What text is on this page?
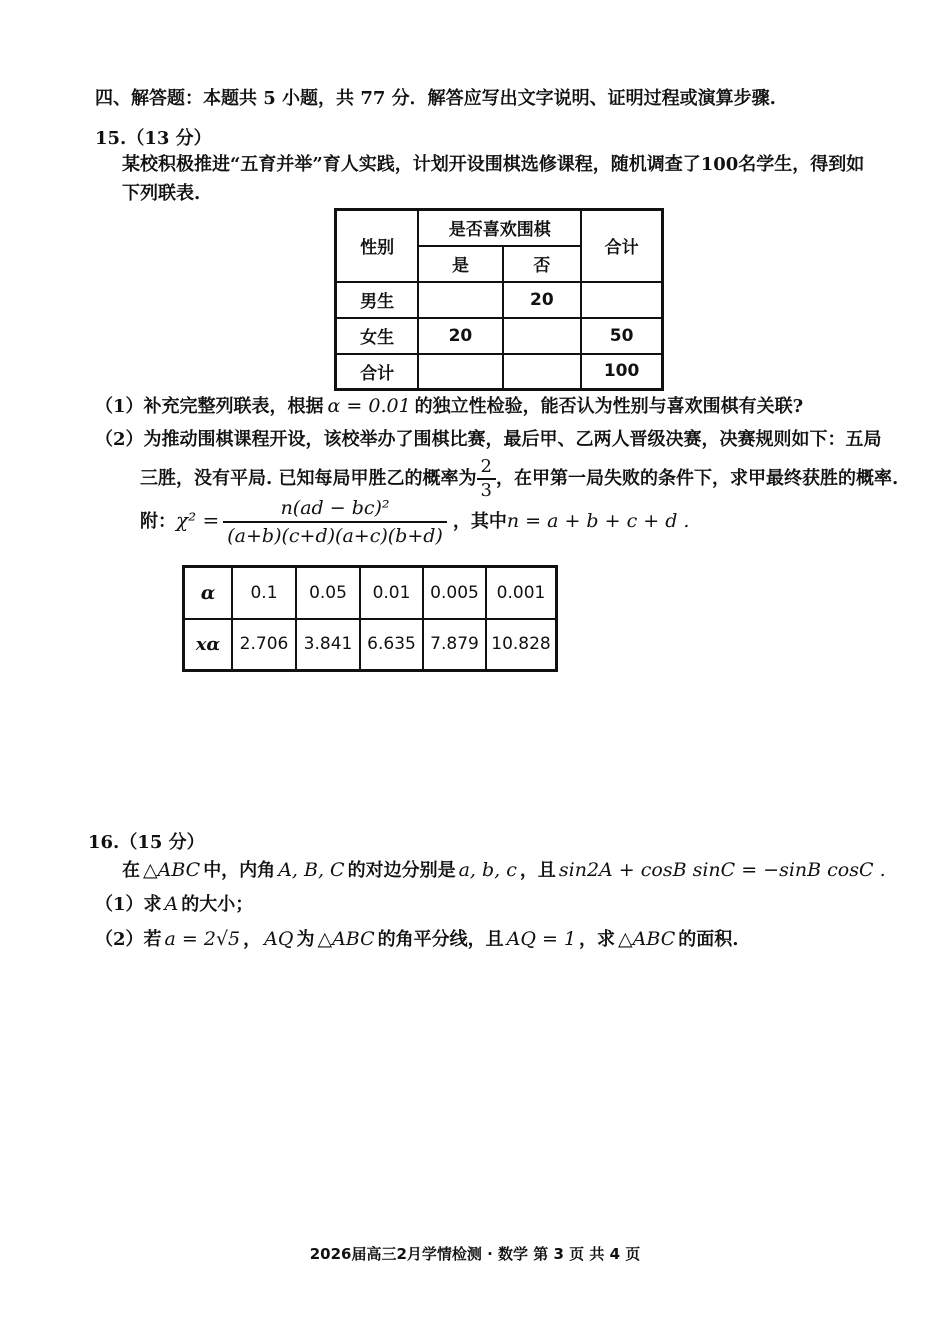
四、解答题：本题共 5 小题，共 77 分．解答应写出文字说明、证明过程或演算步骤.
15.（13 分）
某校积极推进“五育并举”育人实践，计划开设围棋选修课程，随机调查了100名学生，得到如
下列联表.
性别	是否喜欢围棋		合计
	是	否	
男生		20	
女生	20		50
合计			100
（1）补充完整列联表，根据 α = 0.01 的独立性检验，能否认为性别与喜欢围棋有关联?
（2）为推动围棋课程开设，该校举办了围棋比赛，最后甲、乙两人晋级决赛，决赛规则如下：五局
三胜，没有平局. 已知每局甲胜乙的概率为 $\frac{2}{3}$ ，在甲第一局失败的条件下，求甲最终获胜的概率.
附：$\chi^2 = \frac{\text{n(ad − bc)²}}{(a+b)(c+d)(a+c)(b+d)}$ ，其中n = a + b + c + d .
α	0.1	0.05	0.01	0.005	0.001
xα	2.706	3.841	6.635	7.879	10.828
16.（15 分）
在 △ABC 中，内角 A, B, C 的对边分别是 a, b, c ，且 sin2A + cosB sinC = −sinB cosC .
（1）求 A 的大小；
（2）若 a = 2√5 ， AQ 为 △ABC 的角平分线，且 AQ = 1 ，求 △ABC 的面积.
2026届高三2月学情检测 · 数学 第 3 页 共 4 页
